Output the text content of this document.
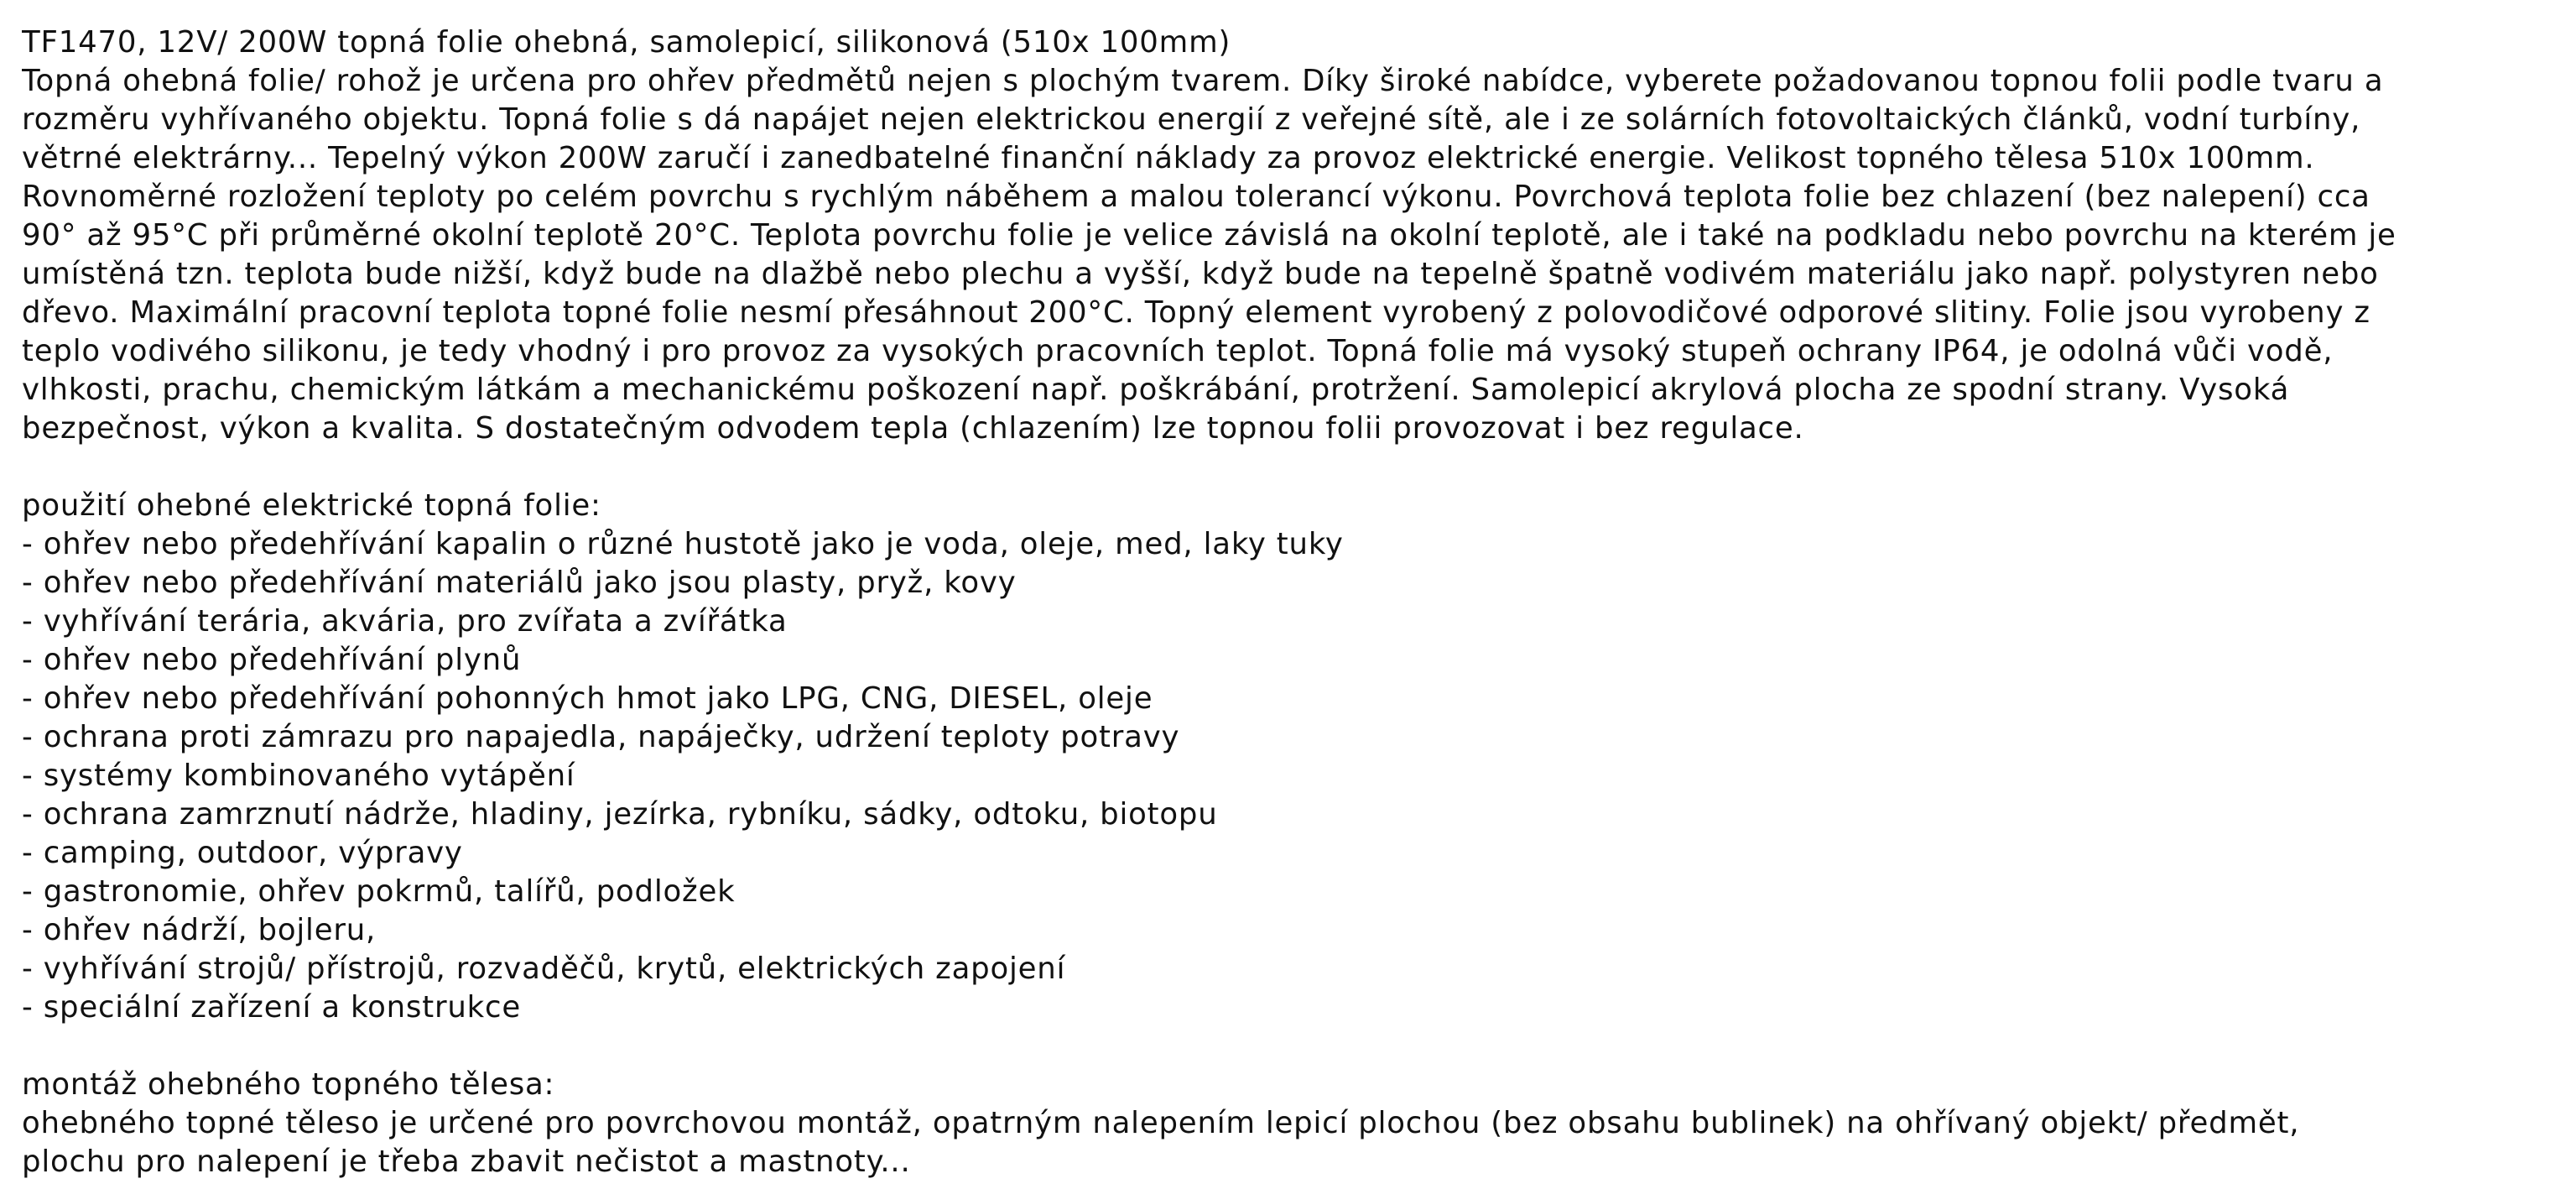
TF1470, 12V/ 200W topná folie ohebná, samolepicí, silikonová (510x 100mm)
Topná ohebná folie/ rohož je určena pro ohřev předmětů nejen s plochým tvarem. Díky široké nabídce, vyberete požadovanou topnou folii podle tvaru a
rozměru vyhřívaného objektu. Topná folie s dá napájet nejen elektrickou energií z veřejné sítě, ale i ze solárních fotovoltaických článků, vodní turbíny,
větrné elektrárny... Tepelný výkon 200W zaručí i zanedbatelné finanční náklady za provoz elektrické energie. Velikost topného tělesa 510x 100mm.
Rovnoměrné rozložení teploty po celém povrchu s rychlým náběhem a malou tolerancí výkonu. Povrchová teplota folie bez chlazení (bez nalepení) cca
90° až 95°C při průměrné okolní teplotě 20°C. Teplota povrchu folie je velice závislá na okolní teplotě, ale i také na podkladu nebo povrchu na kterém je
umístěná tzn. teplota bude nižší, když bude na dlažbě nebo plechu a vyšší, když bude na tepelně špatně vodivém materiálu jako např. polystyren nebo
dřevo. Maximální pracovní teplota topné folie nesmí přesáhnout 200°C. Topný element vyrobený z polovodičové odporové slitiny. Folie jsou vyrobeny z
teplo vodivého silikonu, je tedy vhodný i pro provoz za vysokých pracovních teplot. Topná folie má vysoký stupeň ochrany IP64, je odolná vůči vodě,
vlhkosti, prachu, chemickým látkám a mechanickému poškození např. poškrábání, protržení. Samolepicí akrylová plocha ze spodní strany. Vysoká
bezpečnost, výkon a kvalita. S dostatečným odvodem tepla (chlazením) lze topnou folii provozovat i bez regulace.
použití ohebné elektrické topná folie:
- ohřev nebo předehřívání kapalin o různé hustotě jako je voda, oleje, med, laky tuky
- ohřev nebo předehřívání materiálů jako jsou plasty, pryž, kovy
- vyhřívání terária, akvária, pro zvířata a zvířátka
- ohřev nebo předehřívání plynů
- ohřev nebo předehřívání pohonných hmot jako LPG, CNG, DIESEL, oleje
- ochrana proti zámrazu pro napajedla, napáječky, udržení teploty potravy
- systémy kombinovaného vytápění
- ochrana zamrznutí nádrže, hladiny, jezírka, rybníku, sádky, odtoku, biotopu
- camping, outdoor, výpravy
- gastronomie, ohřev pokrmů, talířů, podložek
- ohřev nádrží, bojleru,
- vyhřívání strojů/ přístrojů, rozvaděčů, krytů, elektrických zapojení
- speciální zařízení a konstrukce
montáž ohebného topného tělesa:
ohebného topné těleso je určené pro povrchovou montáž, opatrným nalepením lepicí plochou (bez obsahu bublinek) na ohřívaný objekt/ předmět,
plochu pro nalepení je třeba zbavit nečistot a mastnoty...
